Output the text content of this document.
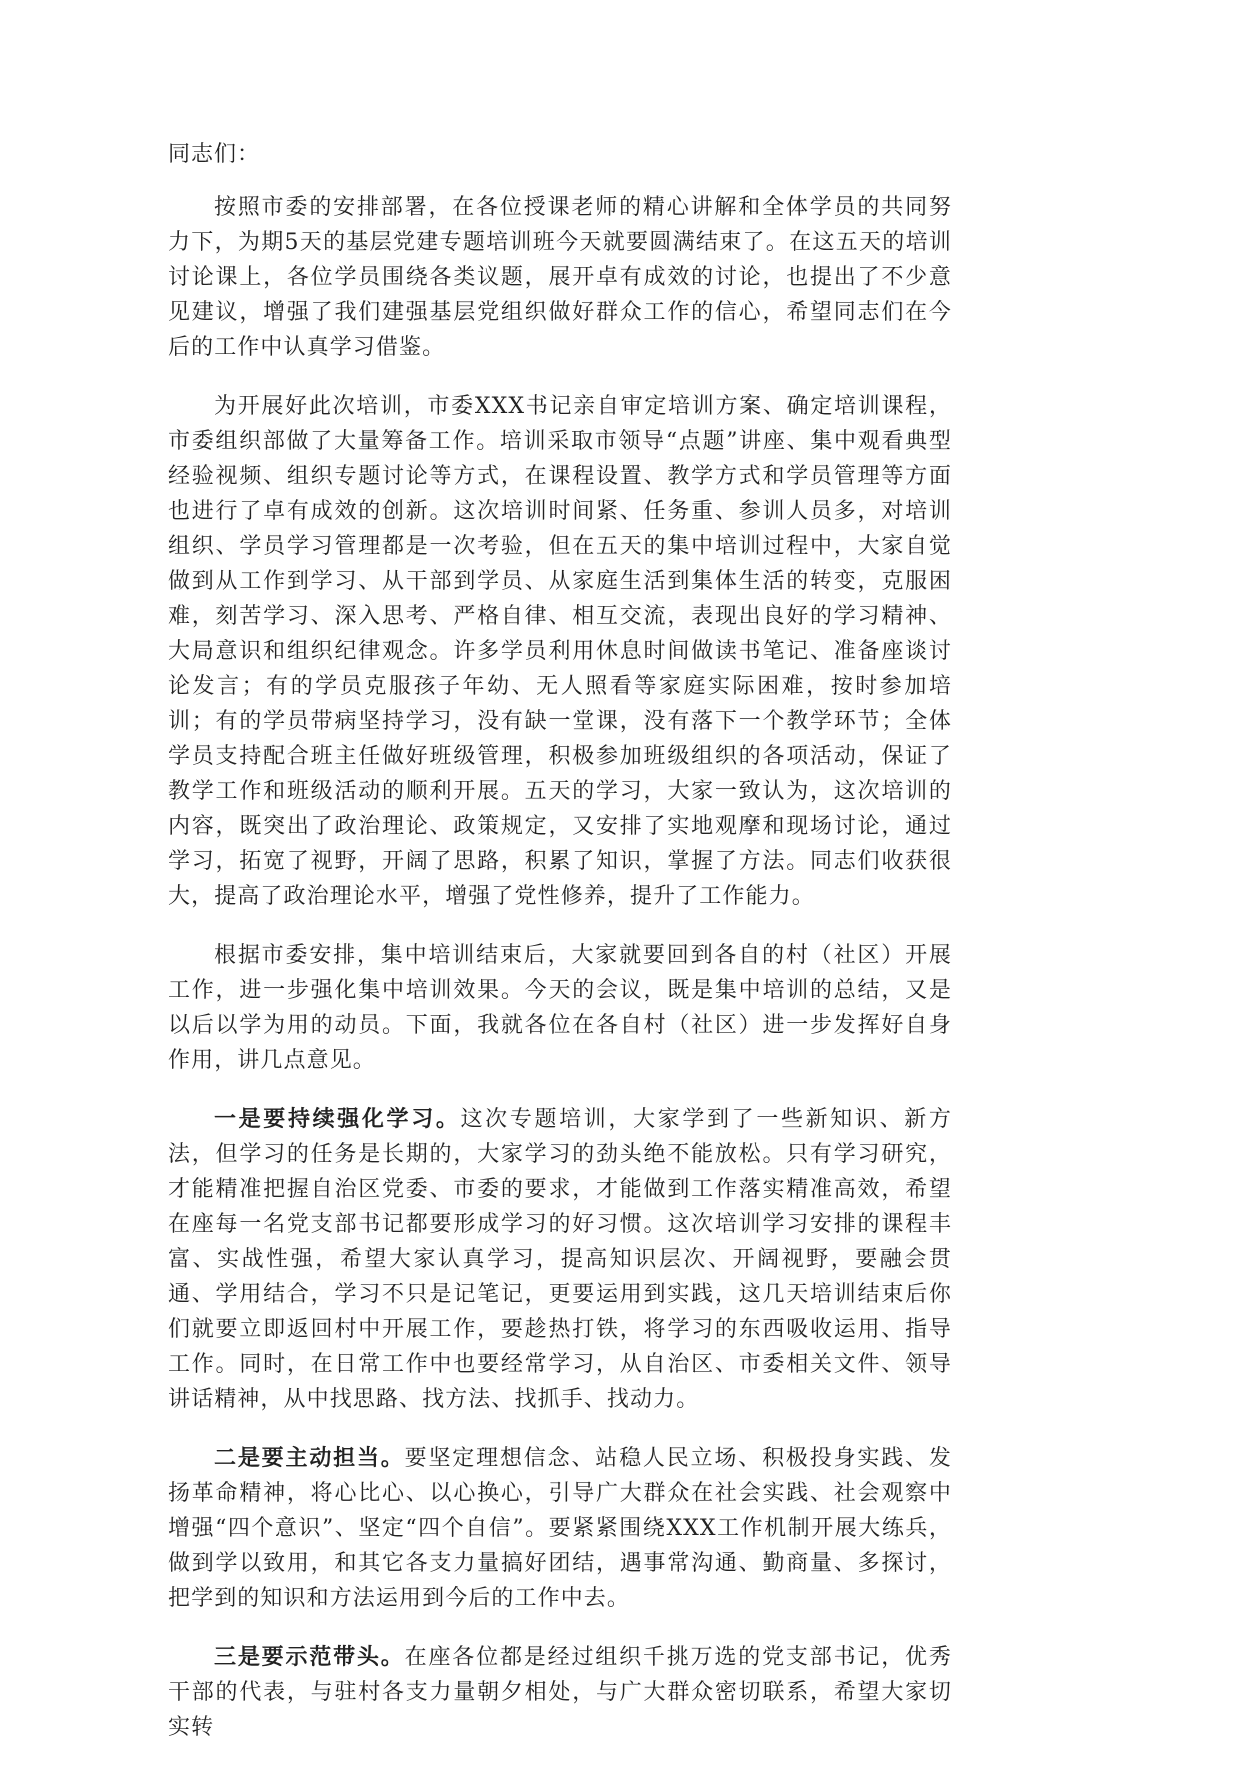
同志们：

按照市委的安排部署，在各位授课老师的精心讲解和全体学员的共同努力下，为期5天的基层党建专题培训班今天就要圆满结束了。在这五天的培训讨论课上，各位学员围绕各类议题，展开卓有成效的讨论，也提出了不少意见建议，增强了我们建强基层党组织做好群众工作的信心，希望同志们在今后的工作中认真学习借鉴。

为开展好此次培训，市委XXX书记亲自审定培训方案、确定培训课程，市委组织部做了大量筹备工作。培训采取市领导“点题”讲座、集中观看典型经验视频、组织专题讨论等方式，在课程设置、教学方式和学员管理等方面也进行了卓有成效的创新。这次培训时间紧、任务重、参训人员多，对培训组织、学员学习管理都是一次考验，但在五天的集中培训过程中，大家自觉做到从工作到学习、从干部到学员、从家庭生活到集体生活的转变，克服困难，刻苦学习、深入思考、严格自律、相互交流，表现出良好的学习精神、大局意识和组织纪律观念。许多学员利用休息时间做读书笔记、准备座谈讨论发言；有的学员克服孩子年幼、无人照看等家庭实际困难，按时参加培训；有的学员带病坚持学习，没有缺一堂课，没有落下一个教学环节；全体学员支持配合班主任做好班级管理，积极参加班级组织的各项活动，保证了教学工作和班级活动的顺利开展。五天的学习，大家一致认为，这次培训的内容，既突出了政治理论、政策规定，又安排了实地观摩和现场讨论，通过学习，拓宽了视野，开阔了思路，积累了知识，掌握了方法。同志们收获很大，提高了政治理论水平，增强了党性修养，提升了工作能力。

根据市委安排，集中培训结束后，大家就要回到各自的村（社区）开展工作，进一步强化集中培训效果。今天的会议，既是集中培训的总结，又是以后以学为用的动员。下面，我就各位在各自村（社区）进一步发挥好自身作用，讲几点意见。

一是要持续强化学习。这次专题培训，大家学到了一些新知识、新方法，但学习的任务是长期的，大家学习的劲头绝不能放松。只有学习研究，才能精准把握自治区党委、市委的要求，才能做到工作落实精准高效，希望在座每一名党支部书记都要形成学习的好习惯。这次培训学习安排的课程丰富、实战性强，希望大家认真学习，提高知识层次、开阔视野，要融会贯通、学用结合，学习不只是记笔记，更要运用到实践，这几天培训结束后你们就要立即返回村中开展工作，要趁热打铁，将学习的东西吸收运用、指导工作。同时，在日常工作中也要经常学习，从自治区、市委相关文件、领导讲话精神，从中找思路、找方法、找抓手、找动力。

二是要主动担当。要坚定理想信念、站稳人民立场、积极投身实践、发扬革命精神，将心比心、以心换心，引导广大群众在社会实践、社会观察中增强“四个意识”、坚定“四个自信”。要紧紧围绕XXX工作机制开展大练兵，做到学以致用，和其它各支力量搞好团结，遇事常沟通、勤商量、多探讨，把学到的知识和方法运用到今后的工作中去。

三是要示范带头。在座各位都是经过组织千挑万选的党支部书记，优秀干部的代表，与驻村各支力量朝夕相处，与广大群众密切联系，希望大家切实转
